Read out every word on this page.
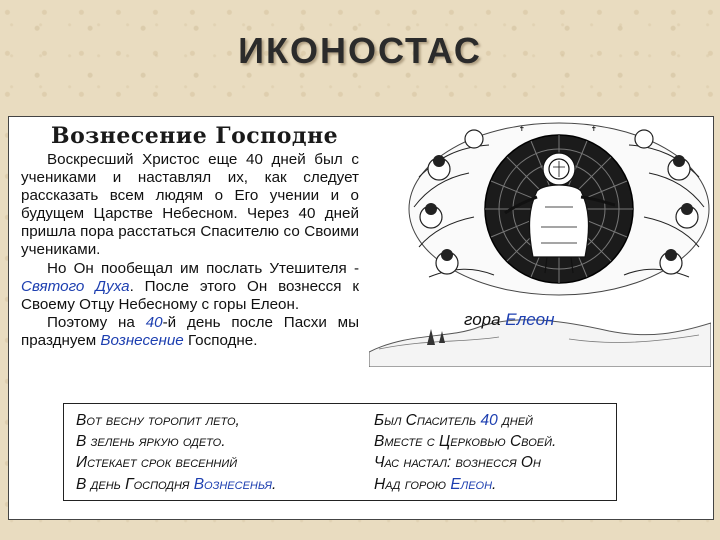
ИКОНОСТАС
Вознесение Господне

Воскресший Христос еще 40 дней был с учениками и наставлял их, как следует рассказать всем людям о Его учении и о будущем Царстве Небесном. Через 40 дней пришла пора расстаться Спасителю со Своими учениками.

Но Он пообещал им послать Утешителя - Святого Духа. После этого Он вознесся к Своему Отцу Небесному с горы Елеон.

Поэтому на 40-й день после Пасхи мы празднуем Вознесение Господне.

✝	✝
гора Елеон
Вот весну торопит лето,
В зелень яркую одето.
Истекает срок весенний
В день Господня Вознесенья.
Был Спаситель 40 дней
Вместе с Церковью Своей.
Час настал: вознесся Он
Над горою Елеон.
